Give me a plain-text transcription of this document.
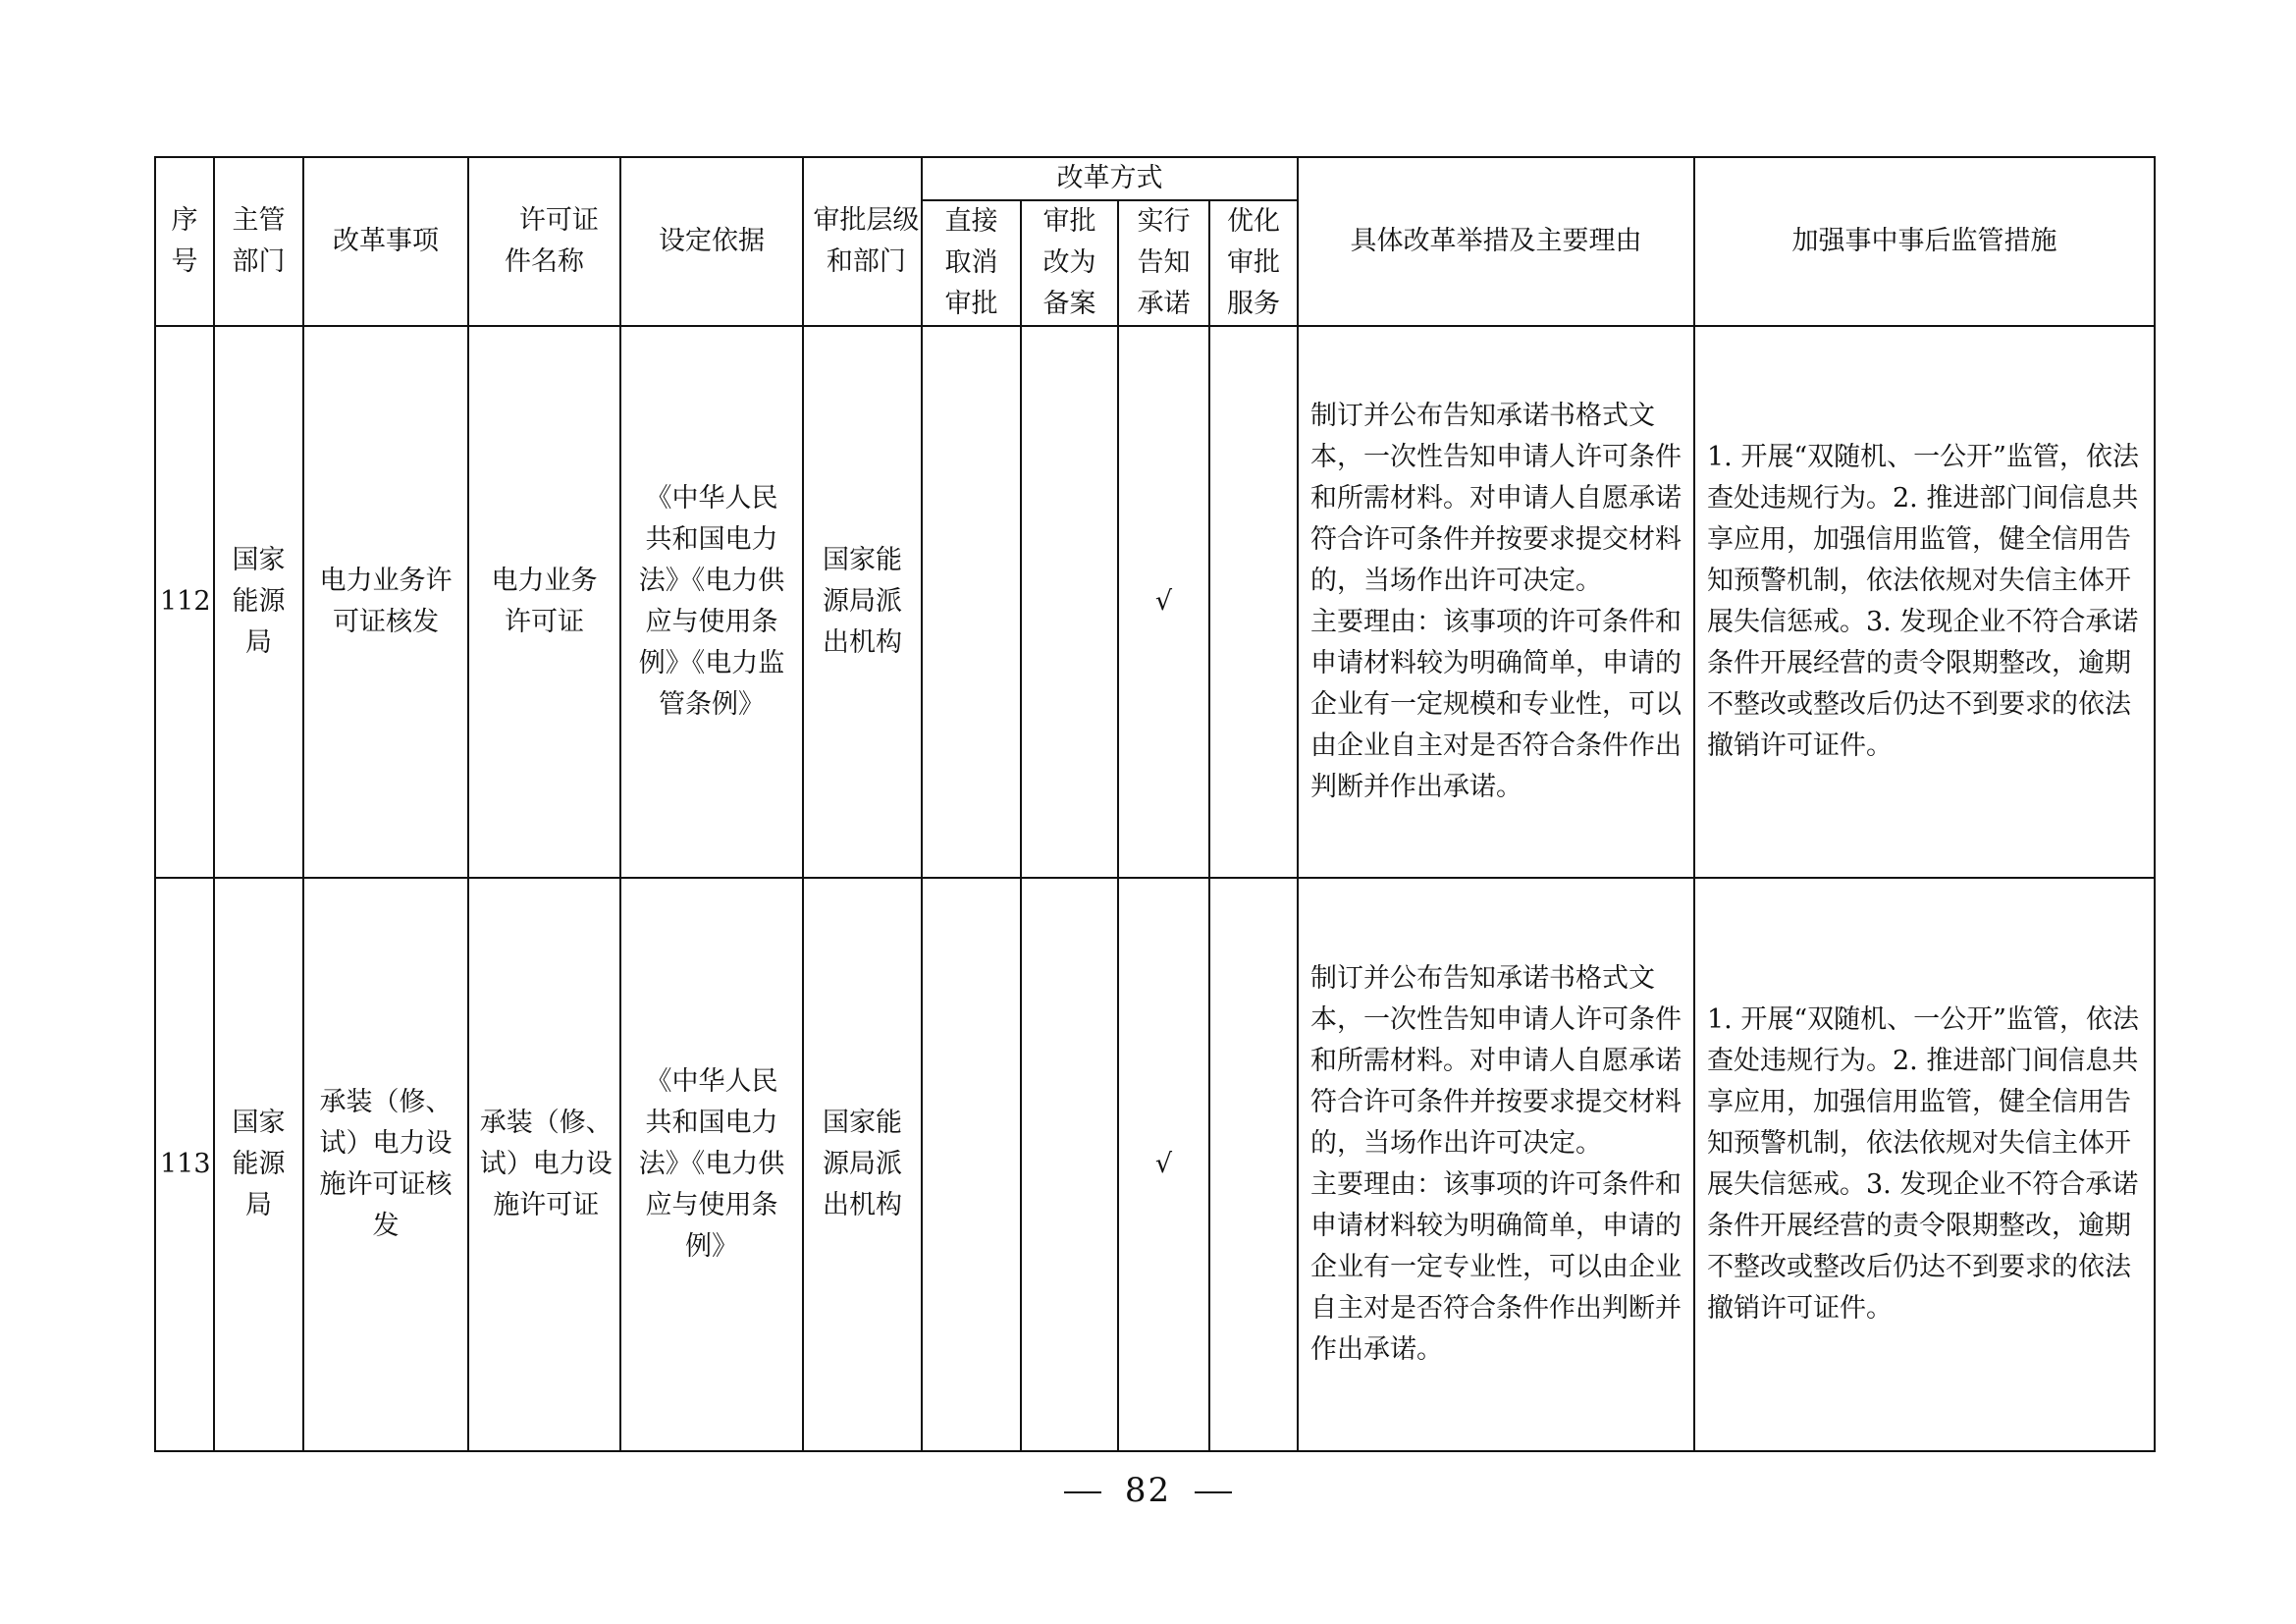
序号	主管部门	改革事项	许可证件名称	设定依据	审批层级和部门	改革方式				具体改革举措及主要理由	加强事中事后监管措施
						直接取消审批	审批改为备案	实行告知承诺	优化审批服务		
112	国家能源局	电力业务许可证核发	电力业务许可证	《中华人民共和国电力法》《电力供应与使用条例》《电力监管条例》	国家能源局派出机构			√		制订并公布告知承诺书格式文本，一次性告知申请人许可条件和所需材料。对申请人自愿承诺符合许可条件并按要求提交材料的，当场作出许可决定。
主要理由：该事项的许可条件和申请材料较为明确简单，申请的企业有一定规模和专业性，可以由企业自主对是否符合条件作出判断并作出承诺。	1. 开展“双随机、一公开”监管，依法查处违规行为。2. 推进部门间信息共享应用，加强信用监管，健全信用告知预警机制，依法依规对失信主体开展失信惩戒。3. 发现企业不符合承诺条件开展经营的责令限期整改，逾期不整改或整改后仍达不到要求的依法撤销许可证件。
113	国家能源局	承装（修、试）电力设施许可证核发	承装（修、试）电力设施许可证	《中华人民共和国电力法》《电力供应与使用条例》	国家能源局派出机构			√		制订并公布告知承诺书格式文本，一次性告知申请人许可条件和所需材料。对申请人自愿承诺符合许可条件并按要求提交材料的，当场作出许可决定。
主要理由：该事项的许可条件和申请材料较为明确简单，申请的企业有一定专业性，可以由企业自主对是否符合条件作出判断并作出承诺。	1. 开展“双随机、一公开”监管，依法查处违规行为。2. 推进部门间信息共享应用，加强信用监管，健全信用告知预警机制，依法依规对失信主体开展失信惩戒。3. 发现企业不符合承诺条件开展经营的责令限期整改，逾期不整改或整改后仍达不到要求的依法撤销许可证件。
82
